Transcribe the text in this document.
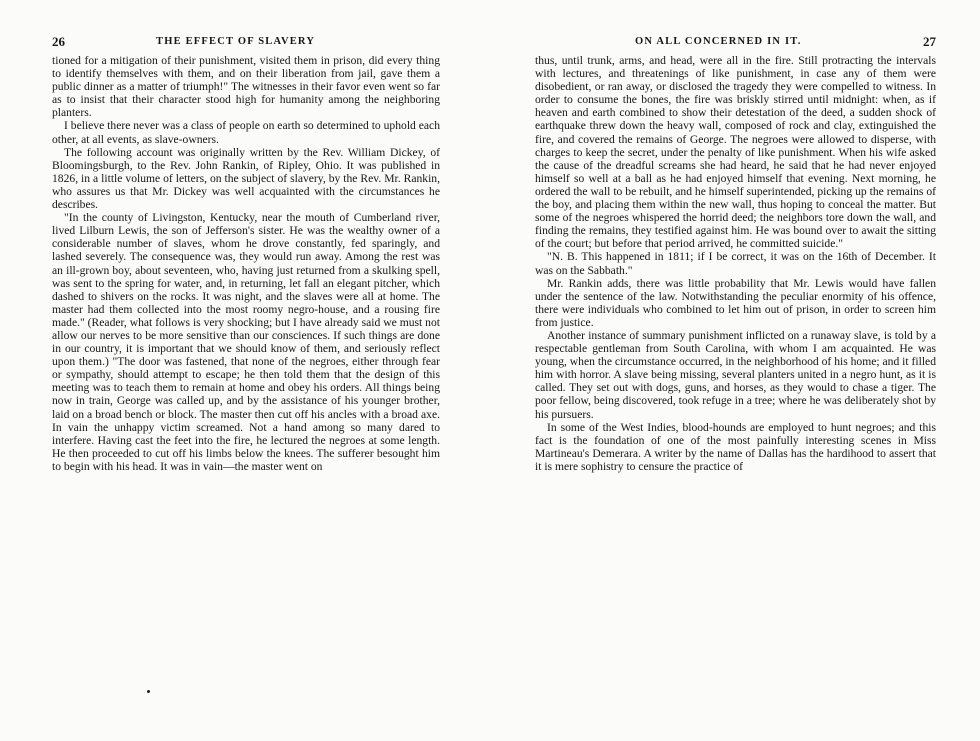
26	THE EFFECT OF SLAVERY

tioned for a mitigation of their punishment, visited them in prison, did every thing to identify themselves with them, and on their liberation from jail, gave them a public dinner as a matter of triumph!" The witnesses in their favor even went so far as to insist that their character stood high for humanity among the neighboring planters.

I believe there never was a class of people on earth so determined to uphold each other, at all events, as slave-owners.

The following account was originally written by the Rev. William Dickey, of Bloomingsburgh, to the Rev. John Rankin, of Ripley, Ohio. It was published in 1826, in a little volume of letters, on the subject of slavery, by the Rev. Mr. Rankin, who assures us that Mr. Dickey was well acquainted with the circumstances he describes.

"In the county of Livingston, Kentucky, near the mouth of Cumberland river, lived Lilburn Lewis, the son of Jefferson's sister. He was the wealthy owner of a considerable number of slaves, whom he drove constantly, fed sparingly, and lashed severely. The consequence was, they would run away. Among the rest was an ill-grown boy, about seventeen, who, having just returned from a skulking spell, was sent to the spring for water, and, in returning, let fall an elegant pitcher, which dashed to shivers on the rocks. It was night, and the slaves were all at home. The master had them collected into the most roomy negro-house, and a rousing fire made." (Reader, what follows is very shocking; but I have already said we must not allow our nerves to be more sensitive than our consciences. If such things are done in our country, it is important that we should know of them, and seriously reflect upon them.) "The door was fastened, that none of the negroes, either through fear or sympathy, should attempt to escape; he then told them that the design of this meeting was to teach them to remain at home and obey his orders. All things being now in train, George was called up, and by the assistance of his younger brother, laid on a broad bench or block. The master then cut off his ancles with a broad axe. In vain the unhappy victim screamed. Not a hand among so many dared to interfere. Having cast the feet into the fire, he lectured the negroes at some length. He then proceeded to cut off his limbs below the knees. The sufferer besought him to begin with his head. It was in vain—the master went on

ON ALL CONCERNED IN IT.	27

thus, until trunk, arms, and head, were all in the fire. Still protracting the intervals with lectures, and threatenings of like punishment, in case any of them were disobedient, or ran away, or disclosed the tragedy they were compelled to witness. In order to consume the bones, the fire was briskly stirred until midnight: when, as if heaven and earth combined to show their detestation of the deed, a sudden shock of earthquake threw down the heavy wall, composed of rock and clay, extinguished the fire, and covered the remains of George. The negroes were allowed to disperse, with charges to keep the secret, under the penalty of like punishment. When his wife asked the cause of the dreadful screams she had heard, he said that he had never enjoyed himself so well at a ball as he had enjoyed himself that evening. Next morning, he ordered the wall to be rebuilt, and he himself superintended, picking up the remains of the boy, and placing them within the new wall, thus hoping to conceal the matter. But some of the negroes whispered the horrid deed; the neighbors tore down the wall, and finding the remains, they testified against him. He was bound over to await the sitting of the court; but before that period arrived, he committed suicide."

"N. B. This happened in 1811; if I be correct, it was on the 16th of December. It was on the Sabbath."

Mr. Rankin adds, there was little probability that Mr. Lewis would have fallen under the sentence of the law. Notwithstanding the peculiar enormity of his offence, there were individuals who combined to let him out of prison, in order to screen him from justice.

Another instance of summary punishment inflicted on a runaway slave, is told by a respectable gentleman from South Carolina, with whom I am acquainted. He was young, when the circumstance occurred, in the neighborhood of his home; and it filled him with horror. A slave being missing, several planters united in a negro hunt, as it is called. They set out with dogs, guns, and horses, as they would to chase a tiger. The poor fellow, being discovered, took refuge in a tree; where he was deliberately shot by his pursuers.

In some of the West Indies, blood-hounds are employed to hunt negroes; and this fact is the foundation of one of the most painfully interesting scenes in Miss Martineau's Demerara. A writer by the name of Dallas has the hardihood to assert that it is mere sophistry to censure the practice of
